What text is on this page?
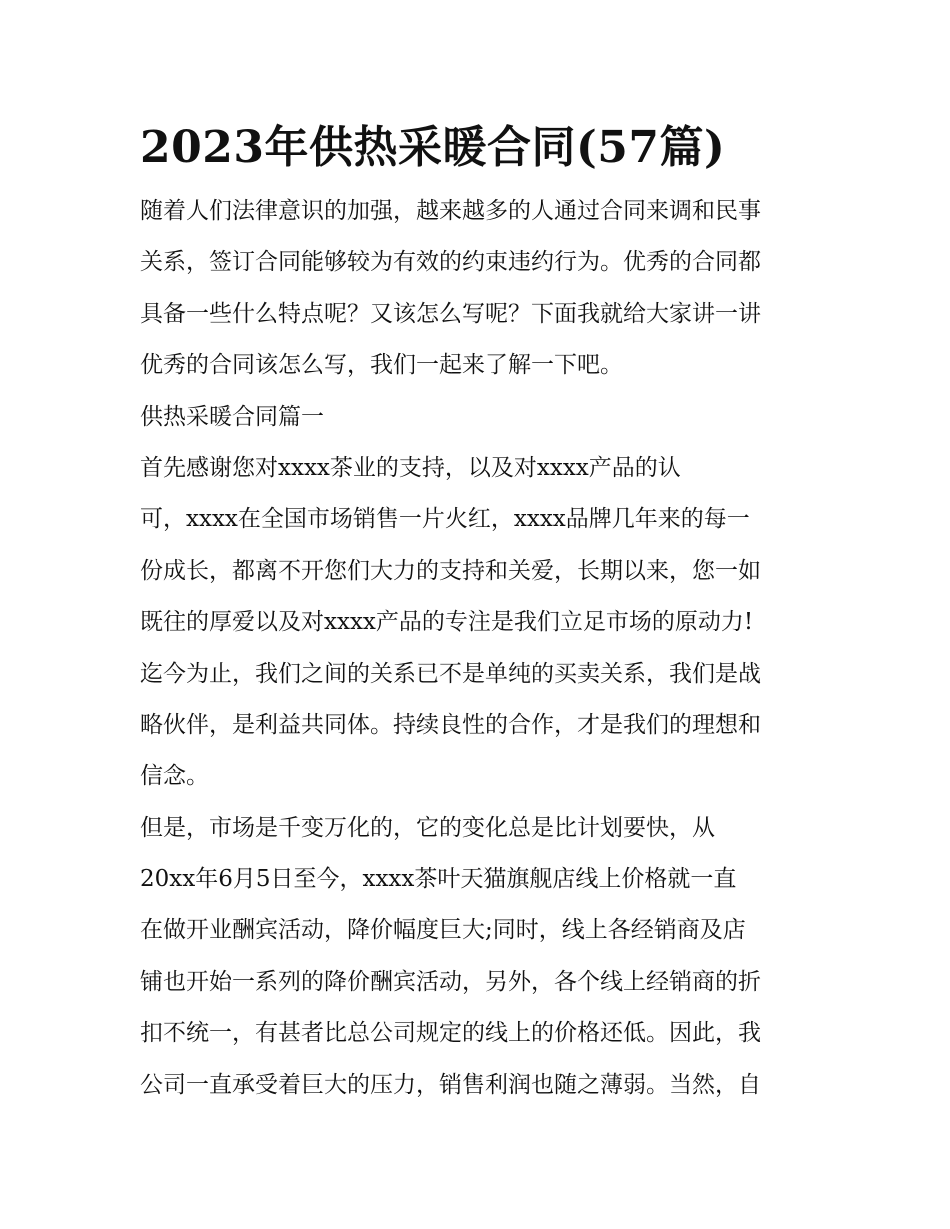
2023年供热采暖合同(57篇)
随着人们法律意识的加强，越来越多的人通过合同来调和民事
关系，签订合同能够较为有效的约束违约行为。优秀的合同都
具备一些什么特点呢？又该怎么写呢？下面我就给大家讲一讲
优秀的合同该怎么写，我们一起来了解一下吧。
供热采暖合同篇一
首先感谢您对xxxx茶业的支持，以及对xxxx产品的认
可，xxxx在全国市场销售一片火红，xxxx品牌几年来的每一
份成长，都离不开您们大力的支持和关爱，长期以来，您一如
既往的厚爱以及对xxxx产品的专注是我们立足市场的原动力!
迄今为止，我们之间的关系已不是单纯的买卖关系，我们是战
略伙伴，是利益共同体。持续良性的合作，才是我们的理想和
信念。
但是，市场是千变万化的，它的变化总是比计划要快，从
20xx年6月5日至今，xxxx茶叶天猫旗舰店线上价格就一直
在做开业酬宾活动，降价幅度巨大;同时，线上各经销商及店
铺也开始一系列的降价酬宾活动，另外，各个线上经销商的折
扣不统一，有甚者比总公司规定的线上的价格还低。因此，我
公司一直承受着巨大的压力，销售利润也随之薄弱。当然，自
